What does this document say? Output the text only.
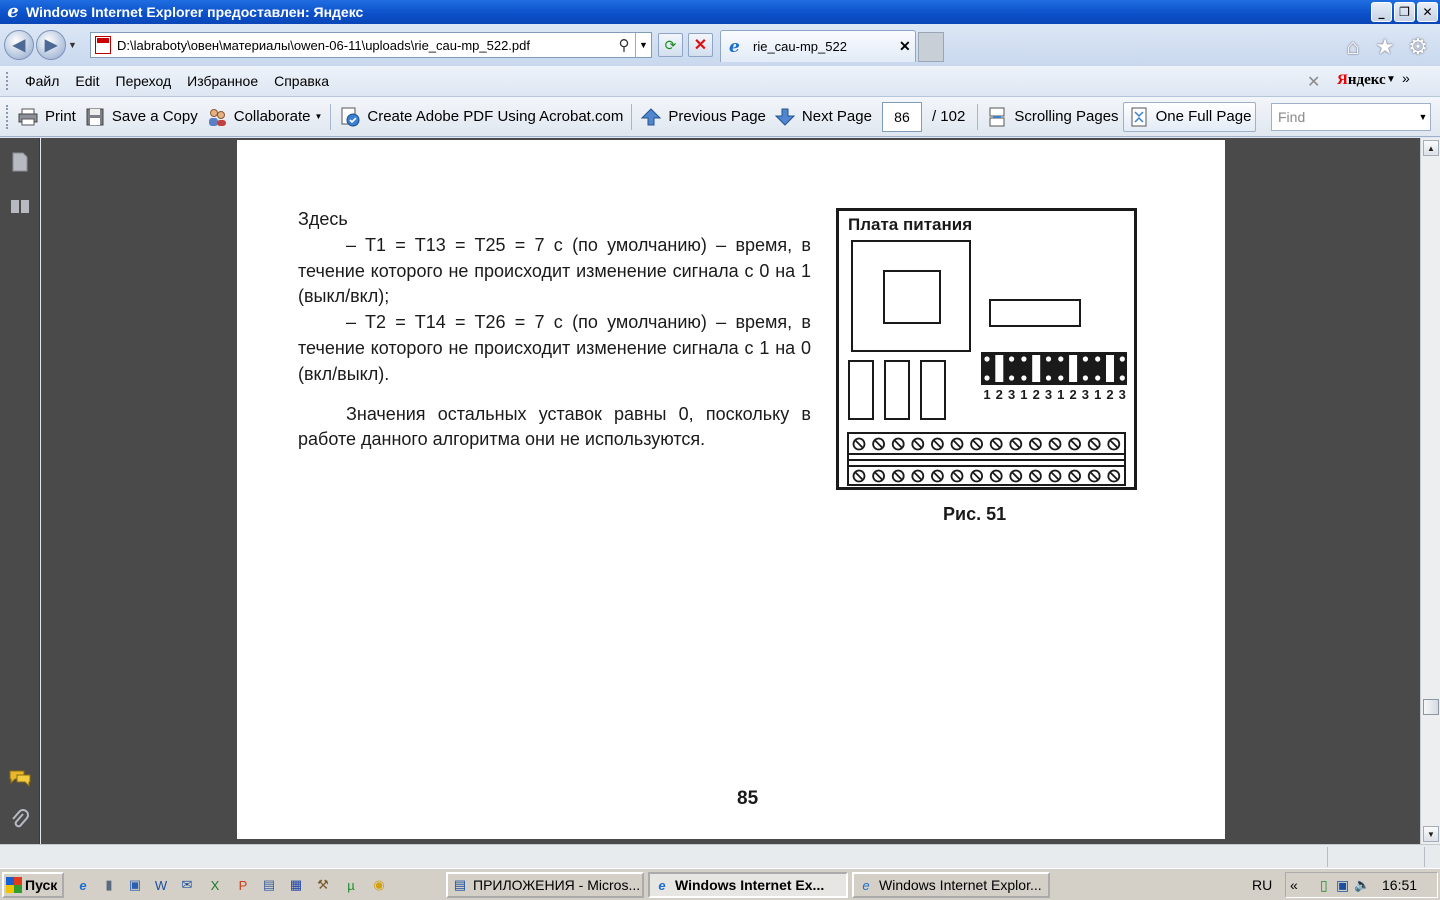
e Windows Internet Explorer предоставлен: Яндекс	_	❐	✕
◀ ▶ ▼	D:\labraboty\овен\материалы\owen-06-11\uploads\rie_cau-mp_522.pdf	⚲	▼ ⟳ ✕ e	rie_cau-mp_522	✕	⌂ ★ ⚙
Файл	Edit	Переход	Избранное	Справка	✕ Яндекс ▼ »
Print Save a Copy Collaborate ▼	Create Adobe PDF Using Acrobat.com	Previous Page Next Page	86	/ 102	Scrolling Pages One Full Page	Find	▼

Здесь

– T1 = T13 = T25 = 7 с (по умолчанию) – время, в течение которого не происходит изменение сигнала с 0 на 1 (выкл/вкл);

– T2 = T14 = T26 = 7 с (по умолчанию) – время, в течение которого не происходит изменение сигнала с 1 на 0 (вкл/выкл).

Значения остальных уставок равны 0, поскольку в работе данного алгоритма они не используются.

Плата питания
1 2 3 1 2 3 1 2 3 1 2 3
Рис. 51
85
▲
▼
Пуск	e	▮	▣ W ✉	X	P	▤ ▦ ⚒	µ	◉	▤ ПРИЛОЖЕНИЯ - Micros...	e Windows Internet Ex...	e Windows Internet Explor...	RU «	▯ ▣ 🔈 16:51
